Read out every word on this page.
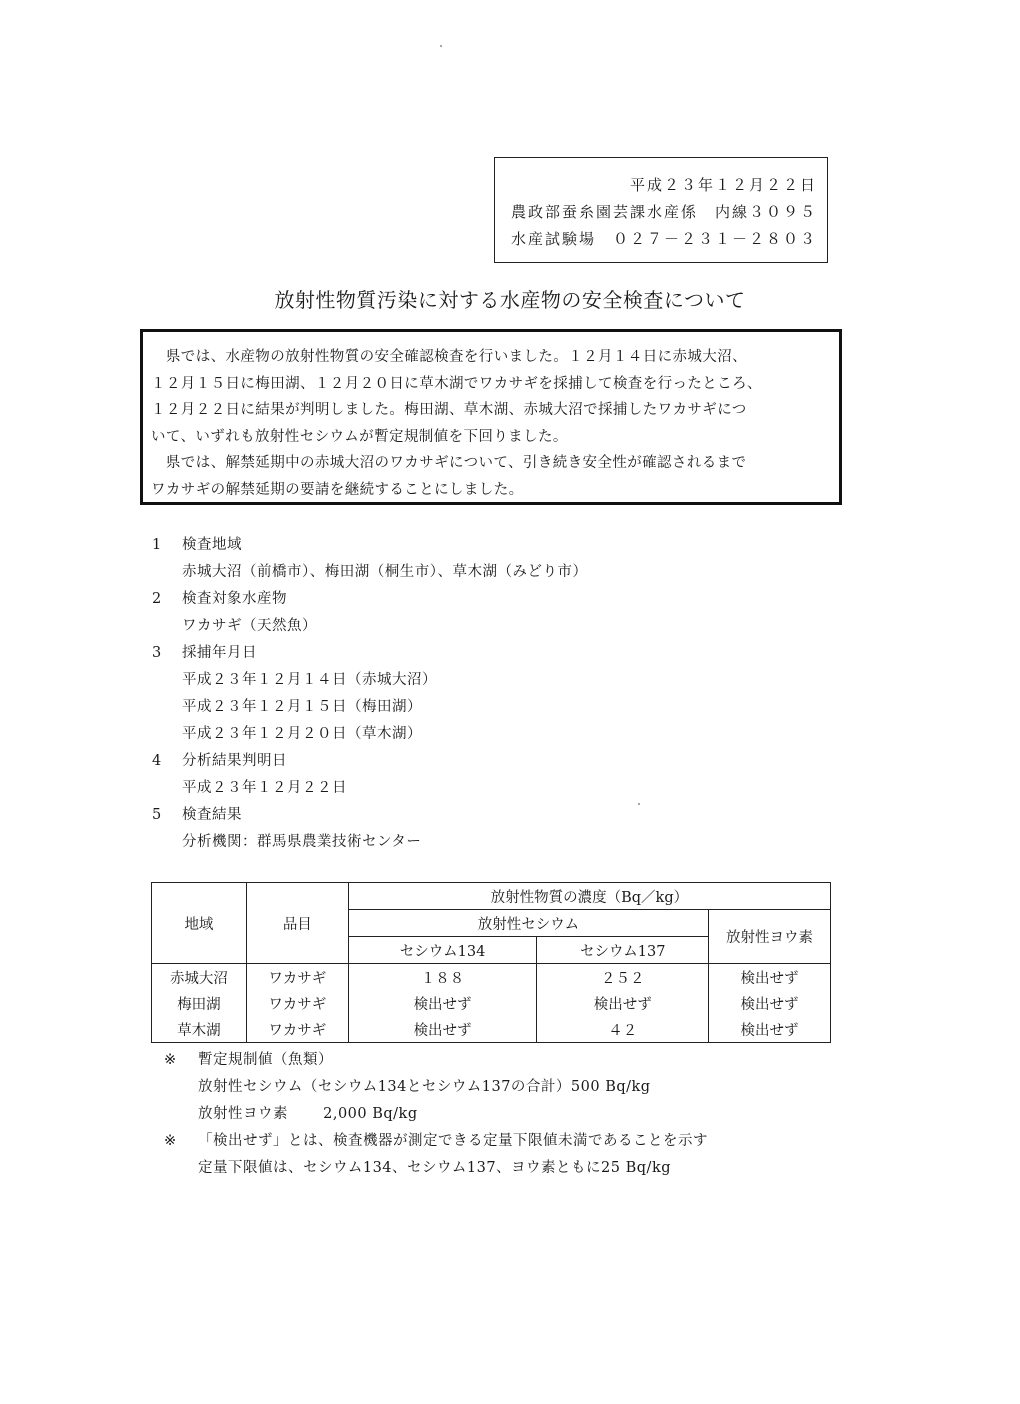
平成２３年１２月２２日
農政部蚕糸園芸課水産係　内線３０９５
水産試験場　０２７－２３１－２８０３
放射性物質汚染に対する水産物の安全検査について

　県では、水産物の放射性物質の安全確認検査を行いました。１２月１４日に赤城大沼、

１２月１５日に梅田湖、１２月２０日に草木湖でワカサギを採捕して検査を行ったところ、

１２月２２日に結果が判明しました。梅田湖、草木湖、赤城大沼で採捕したワカサギにつ

いて、いずれも放射性セシウムが暫定規制値を下回りました。

　県では、解禁延期中の赤城大沼のワカサギについて、引き続き安全性が確認されるまで

ワカサギの解禁延期の要請を継続することにしました。

1 検査地域
赤城大沼（前橋市）、梅田湖（桐生市）、草木湖（みどり市）
2 検査対象水産物
ワカサギ（天然魚）
3 採捕年月日
平成２３年１２月１４日（赤城大沼）
平成２３年１２月１５日（梅田湖）
平成２３年１２月２０日（草木湖）
4 分析結果判明日
平成２３年１２月２２日
5 検査結果
分析機関：群馬県農業技術センター
地域	品目	放射性物質の濃度（Bq／kg）		
		放射性セシウム		放射性ヨウ素
		セシウム134	セシウム137	
赤城大沼	ワカサギ	１８８	２５２	検出せず
梅田湖	ワカサギ	検出せず	検出せず	検出せず
草木湖	ワカサギ	検出せず	４２	検出せず
※ 暫定規制値（魚類）
放射性セシウム（セシウム134とセシウム137の合計）500 Bq/kg
放射性ヨウ素　　 2,000 Bq/kg
※ 「検出せず」とは、検査機器が測定できる定量下限値未満であることを示す
定量下限値は、セシウム134、セシウム137、ヨウ素ともに25 Bq/kg
